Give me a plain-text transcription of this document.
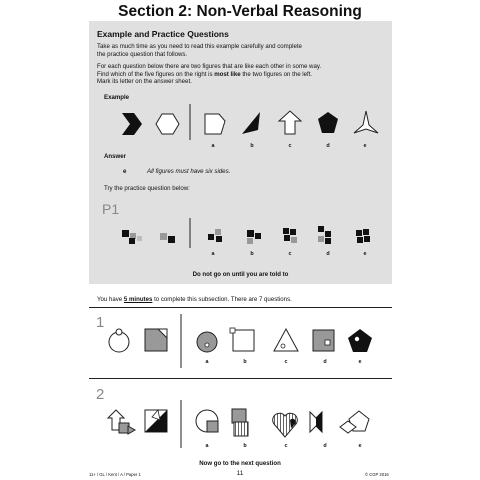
Section 2: Non-Verbal Reasoning
Example and Practice Questions
Take as much time as you need to read this example carefully and complete
the practice question that follows.
For each question below there are two figures that are like each other in some way.
Find which of the five figures on the right is most like the two figures on the left.
Mark its letter on the answer sheet.
Example
Answer
e	All figures must have six sides.
Try the practice question below:
P1
Do not go on until you are told to
You have 5 minutes to complete this subsection. There are 7 questions.
1
2
Now go to the next question
11+ / GL / Kent / A / Paper 1	11	© CGP 2016
a	b	c	d	e
a	b	c	d	e
a	b	c	d	e
a	b	c	d	e
